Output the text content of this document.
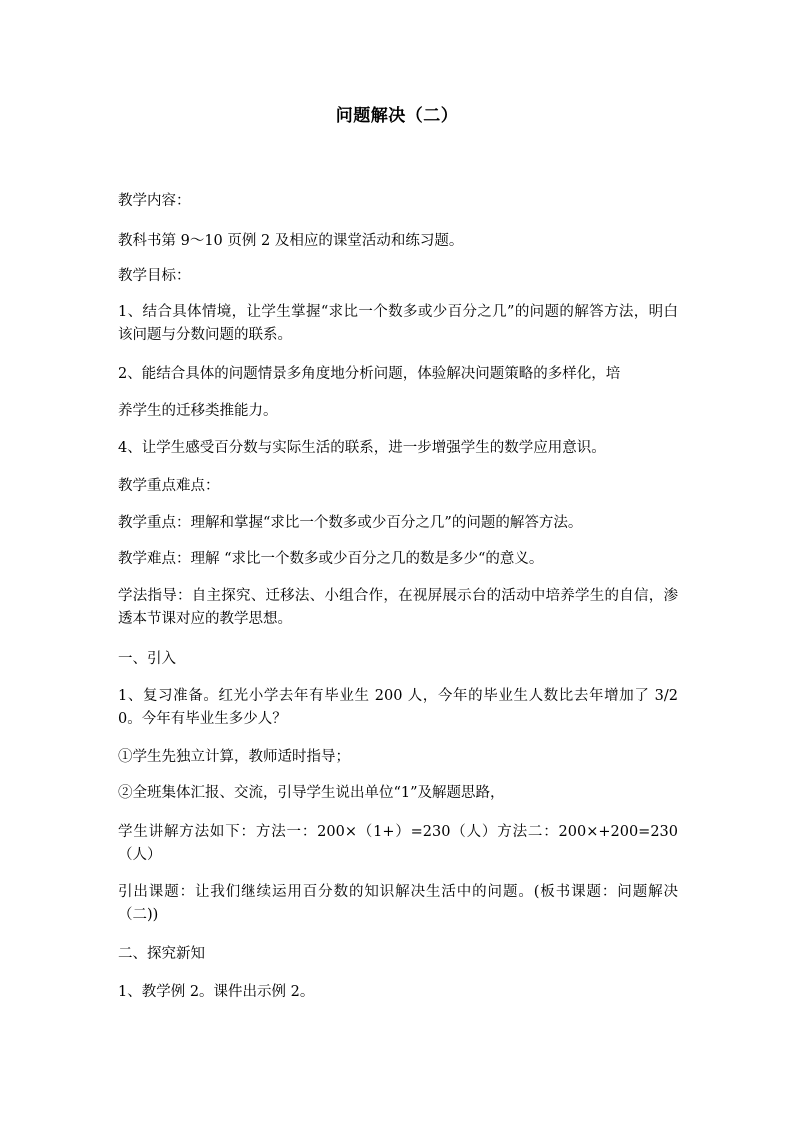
问题解决（二）

教学内容：

教科书第 9～10 页例 2 及相应的课堂活动和练习题。

教学目标：

1、结合具体情境，让学生掌握“求比一个数多或少百分之几”的问题的解答方法，明白该问题与分数问题的联系。

2、能结合具体的问题情景多角度地分析问题，体验解决问题策略的多样化，培

养学生的迁移类推能力。

4、让学生感受百分数与实际生活的联系，进一步增强学生的数学应用意识。

教学重点难点：

教学重点：理解和掌握“求比一个数多或少百分之几”的问题的解答方法。

教学难点：理解 “求比一个数多或少百分之几的数是多少“的意义。

学法指导：自主探究、迁移法、小组合作，在视屏展示台的活动中培养学生的自信，渗透本节课对应的教学思想。

一、引入

1、复习准备。红光小学去年有毕业生 200 人，今年的毕业生人数比去年增加了 3/20。今年有毕业生多少人？

①学生先独立计算，教师适时指导；

②全班集体汇报、交流，引导学生说出单位“1”及解题思路，

学生讲解方法如下：方法一：200×（1+）=230（人）方法二：200×+200=230（人）

引出课题：让我们继续运用百分数的知识解决生活中的问题。(板书课题：问题解决（二))

二、探究新知

1、教学例 2。课件出示例 2。
